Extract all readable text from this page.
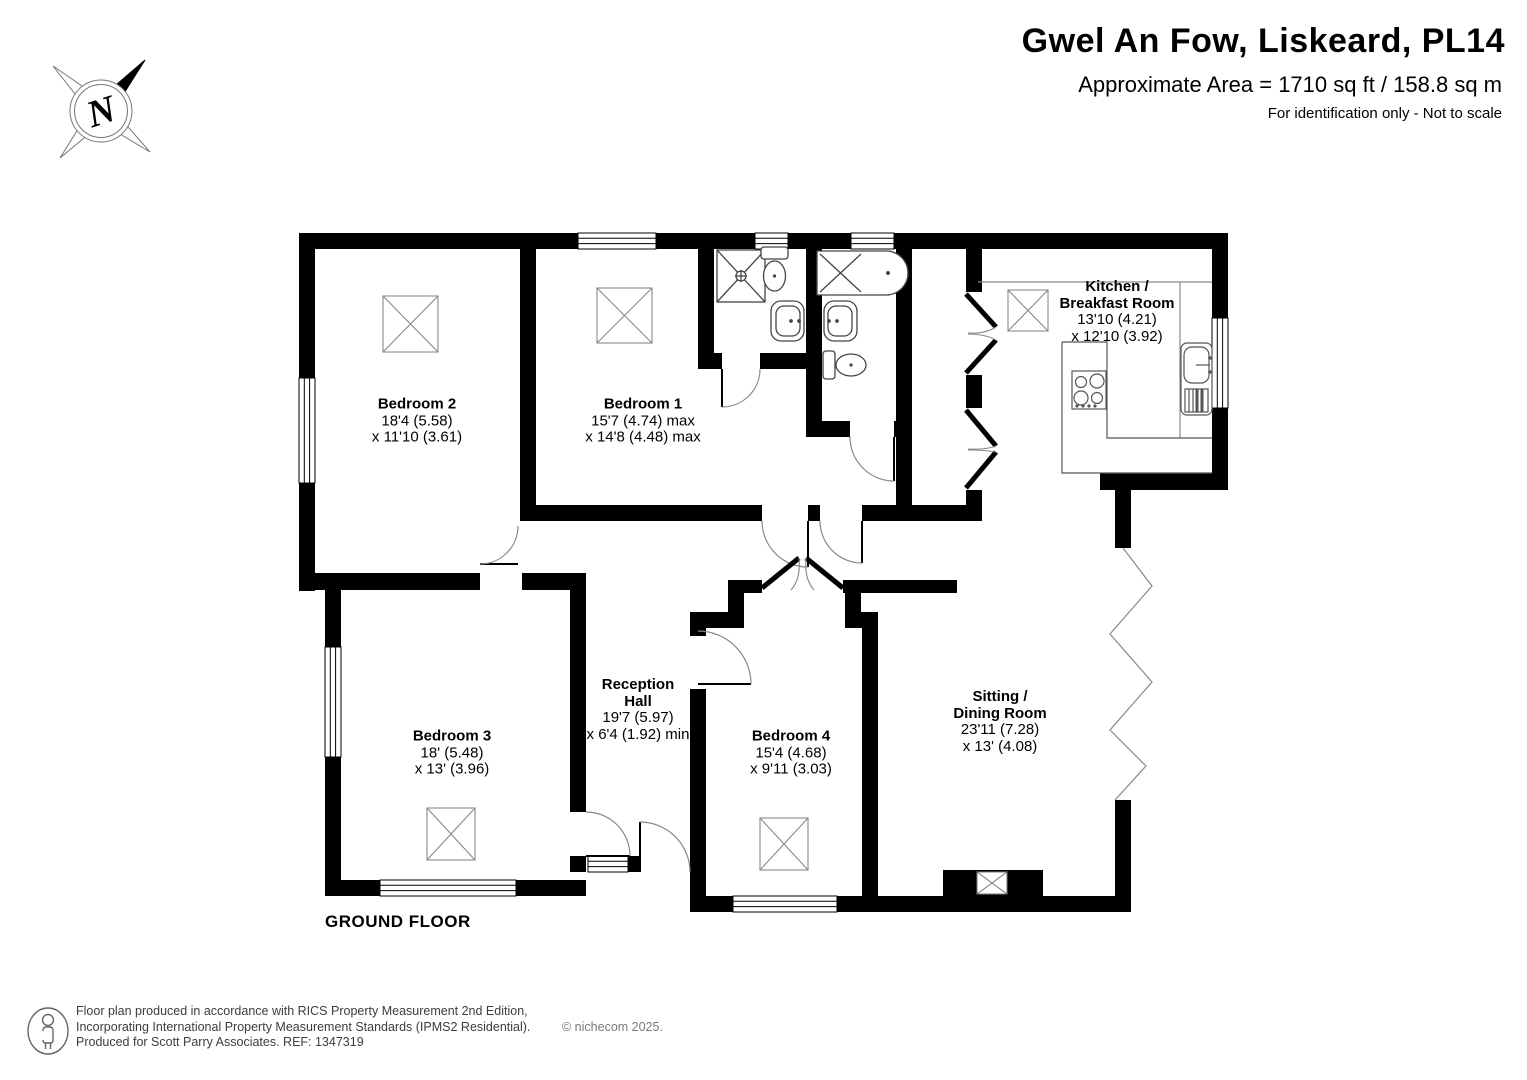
Gwel An Fow, Liskeard, PL14
Approximate Area = 1710 sq ft / 158.8 sq m
For identification only - Not to scale
N
Bedroom 2
18'4 (5.58)
x 11'10 (3.61)
Bedroom 1
15'7 (4.74) max
x 14'8 (4.48) max
Kitchen /
Breakfast Room
13'10 (4.21)
x 12'10 (3.92)
Bedroom 3
18' (5.48)
x 13' (3.96)
Reception
Hall
19'7 (5.97)
x 6'4 (1.92) min	Bedroom 4
15'4 (4.68)
x 9'11 (3.03)
Sitting /
Dining Room
23'11 (7.28)
x 13' (4.08)
GROUND FLOOR
Floor plan produced in accordance with RICS Property Measurement 2nd Edition,
Incorporating International Property Measurement Standards (IPMS2 Residential).
Produced for Scott Parry Associates. REF: 1347319
© nichecom 2025.
